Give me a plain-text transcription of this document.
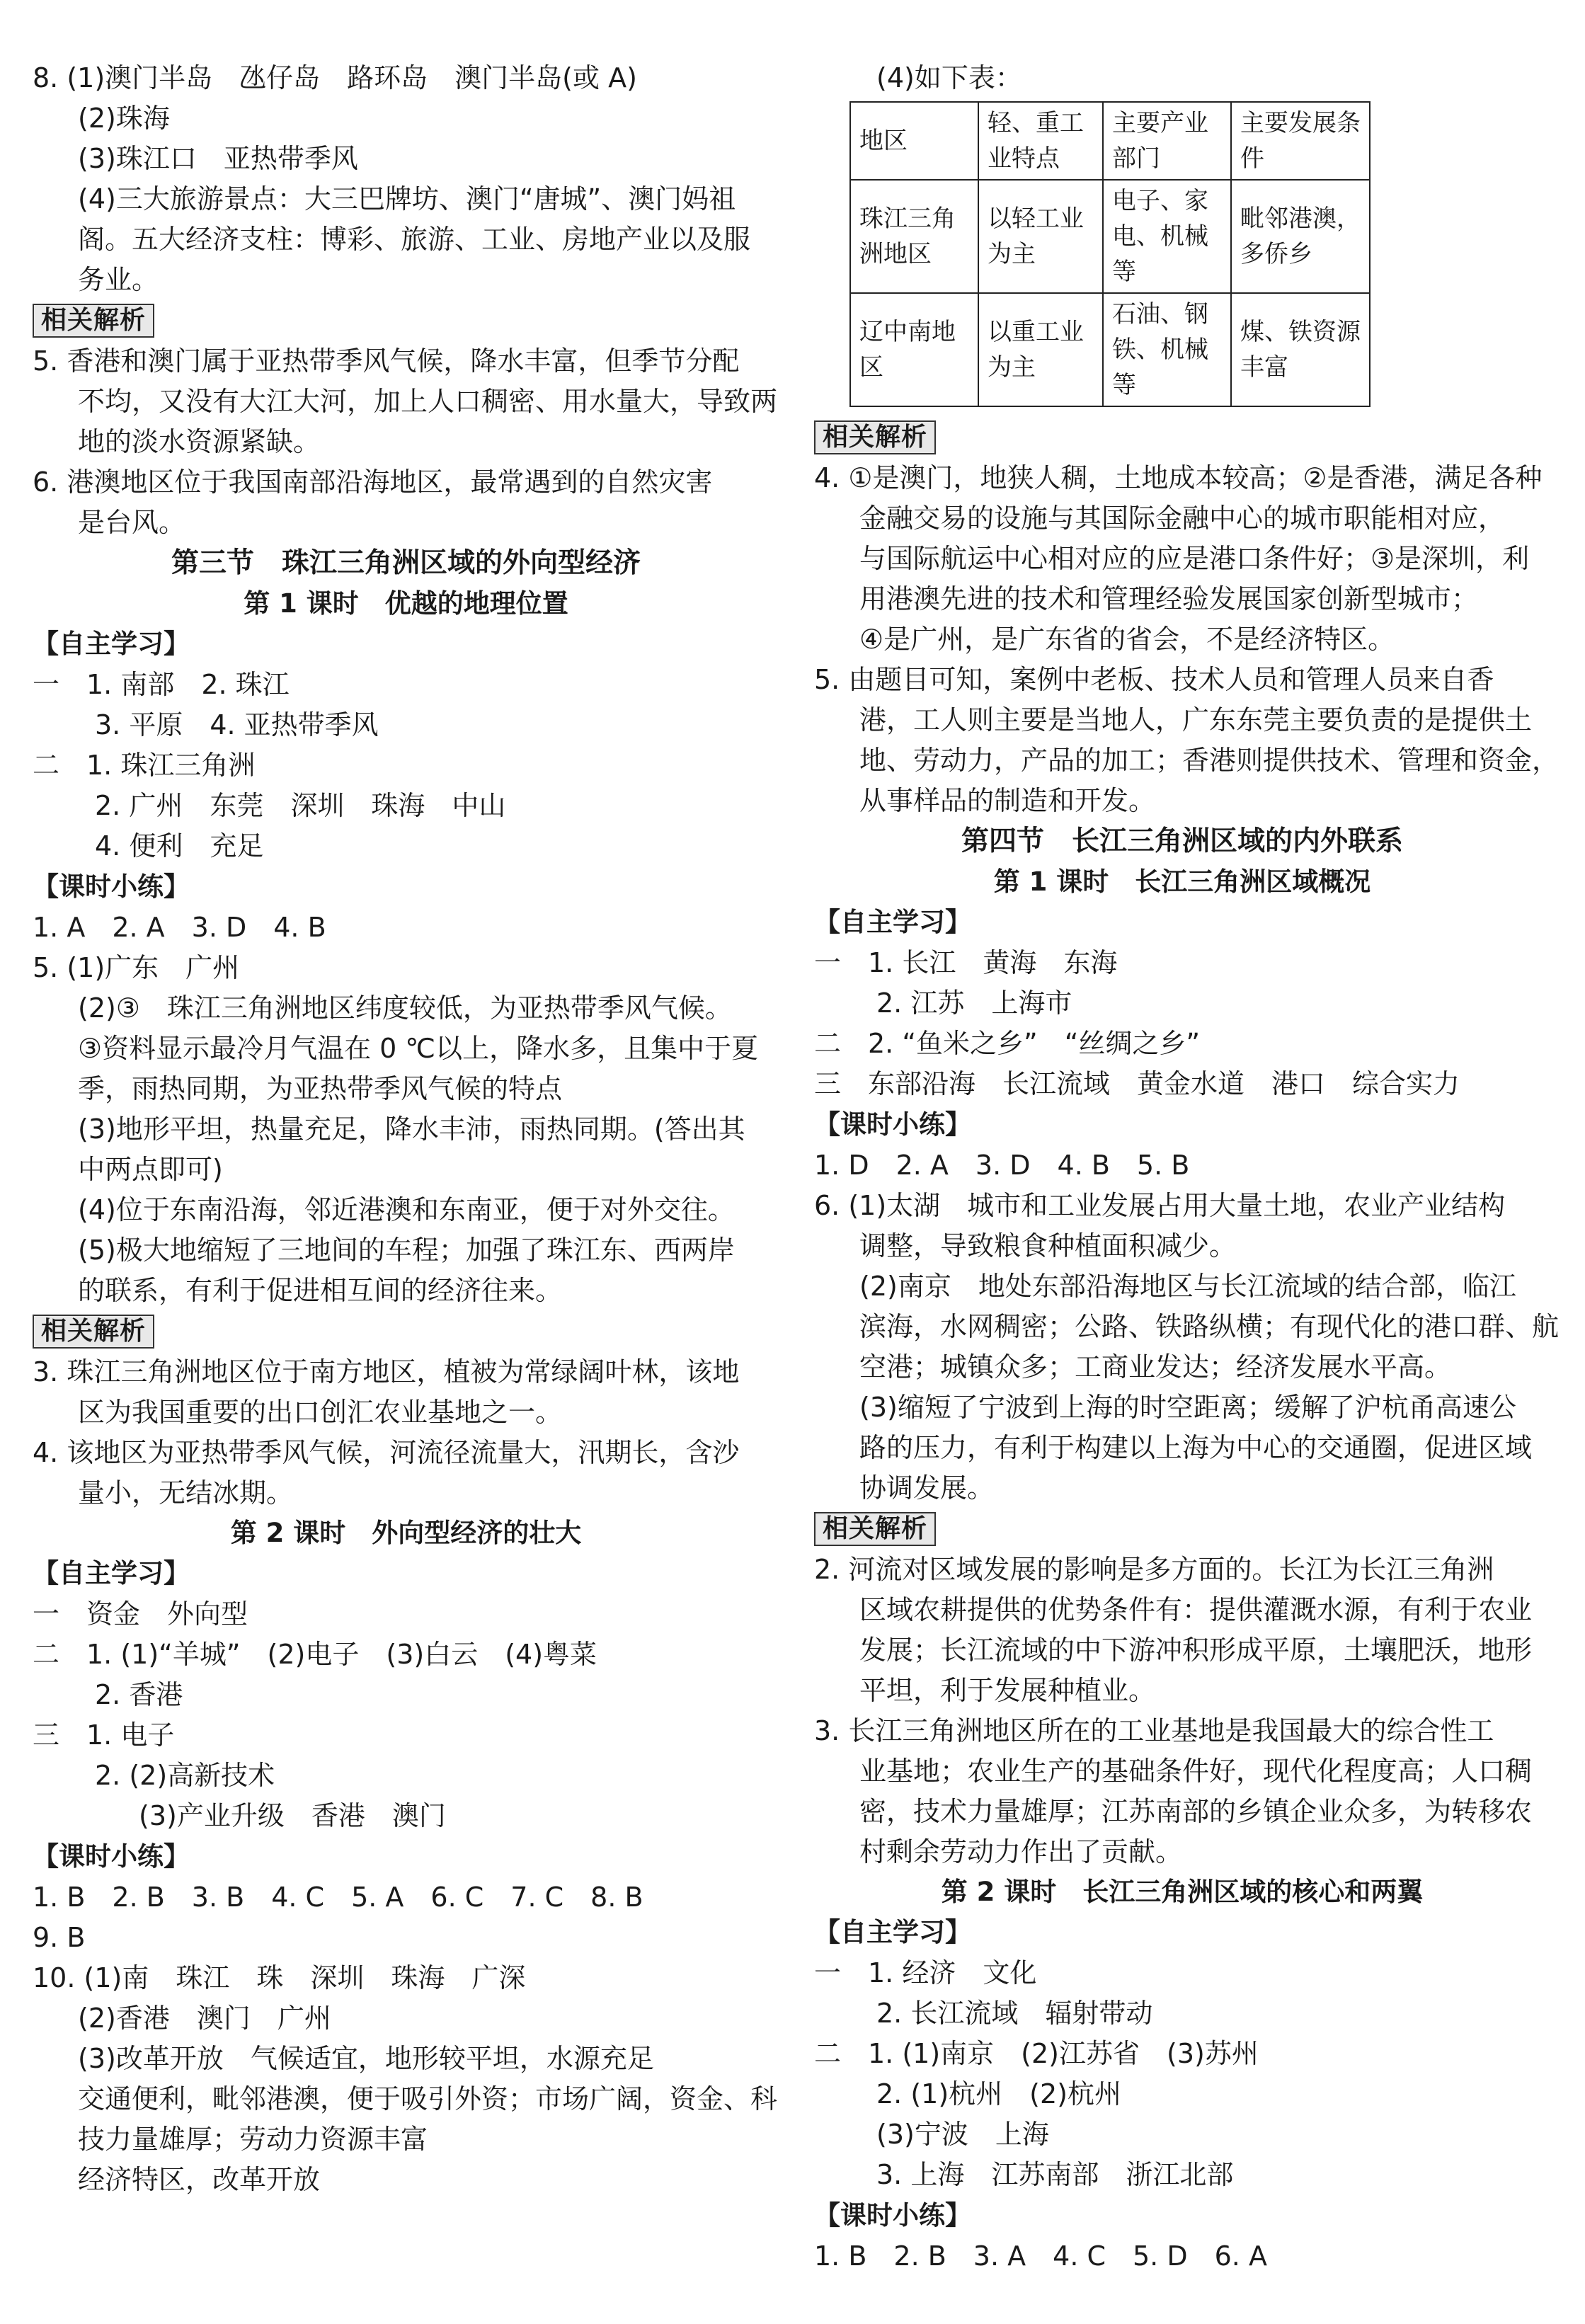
8. (1)澳门半岛　氹仔岛　路环岛　澳门半岛(或 A)
(2)珠海
(3)珠江口　亚热带季风
(4)三大旅游景点：大三巴牌坊、澳门“唐城”、澳门妈祖
阁。五大经济支柱：博彩、旅游、工业、房地产业以及服
务业。
相关解析
5. 香港和澳门属于亚热带季风气候，降水丰富，但季节分配
不均，又没有大江大河，加上人口稠密、用水量大，导致两
地的淡水资源紧缺。
6. 港澳地区位于我国南部沿海地区，最常遇到的自然灾害
是台风。
第三节　珠江三角洲区域的外向型经济
第 1 课时　优越的地理位置
【自主学习】
一　1. 南部　2. 珠江
3. 平原　4. 亚热带季风
二　1. 珠江三角洲
2. 广州　东莞　深圳　珠海　中山
4. 便利　充足
【课时小练】
1. A　2. A　3. D　4. B
5. (1)广东　广州
(2)③　珠江三角洲地区纬度较低，为亚热带季风气候。
③资料显示最冷月气温在 0 ℃以上，降水多，且集中于夏
季，雨热同期，为亚热带季风气候的特点
(3)地形平坦，热量充足，降水丰沛，雨热同期。(答出其
中两点即可)
(4)位于东南沿海，邻近港澳和东南亚，便于对外交往。
(5)极大地缩短了三地间的车程；加强了珠江东、西两岸
的联系，有利于促进相互间的经济往来。
相关解析
3. 珠江三角洲地区位于南方地区，植被为常绿阔叶林，该地
区为我国重要的出口创汇农业基地之一。
4. 该地区为亚热带季风气候，河流径流量大，汛期长，含沙
量小，无结冰期。
第 2 课时　外向型经济的壮大
【自主学习】
一　资金　外向型
二　1. (1)“羊城”　(2)电子　(3)白云　(4)粤菜
2. 香港
三　1. 电子
2. (2)高新技术
(3)产业升级　香港　澳门
【课时小练】
1. B　2. B　3. B　4. C　5. A　6. C　7. C　8. B
9. B
10. (1)南　珠江　珠　深圳　珠海　广深
(2)香港　澳门　广州
(3)改革开放　气候适宜，地形较平坦，水源充足
交通便利，毗邻港澳，便于吸引外资；市场广阔，资金、科
技力量雄厚；劳动力资源丰富
经济特区，改革开放
(4)如下表：
地区	轻、重工业特点	主要产业部门	主要发展条件
珠江三角洲地区	以轻工业为主	电子、家电、机械等	毗邻港澳，多侨乡
辽中南地区	以重工业为主	石油、钢铁、机械等	煤、铁资源丰富
相关解析
4. ①是澳门，地狭人稠，土地成本较高；②是香港，满足各种
金融交易的设施与其国际金融中心的城市职能相对应，
与国际航运中心相对应的应是港口条件好；③是深圳，利
用港澳先进的技术和管理经验发展国家创新型城市；
④是广州，是广东省的省会，不是经济特区。
5. 由题目可知，案例中老板、技术人员和管理人员来自香
港，工人则主要是当地人，广东东莞主要负责的是提供土
地、劳动力，产品的加工；香港则提供技术、管理和资金，
从事样品的制造和开发。
第四节　长江三角洲区域的内外联系
第 1 课时　长江三角洲区域概况
【自主学习】
一　1. 长江　黄海　东海
2. 江苏　上海市
二　2. “鱼米之乡”　“丝绸之乡”
三　东部沿海　长江流域　黄金水道　港口　综合实力
【课时小练】
1. D　2. A　3. D　4. B　5. B
6. (1)太湖　城市和工业发展占用大量土地，农业产业结构
调整，导致粮食种植面积减少。
(2)南京　地处东部沿海地区与长江流域的结合部，临江
滨海，水网稠密；公路、铁路纵横；有现代化的港口群、航
空港；城镇众多；工商业发达；经济发展水平高。
(3)缩短了宁波到上海的时空距离；缓解了沪杭甬高速公
路的压力，有利于构建以上海为中心的交通圈，促进区域
协调发展。
相关解析
2. 河流对区域发展的影响是多方面的。长江为长江三角洲
区域农耕提供的优势条件有：提供灌溉水源，有利于农业
发展；长江流域的中下游冲积形成平原，土壤肥沃，地形
平坦，利于发展种植业。
3. 长江三角洲地区所在的工业基地是我国最大的综合性工
业基地；农业生产的基础条件好，现代化程度高；人口稠
密，技术力量雄厚；江苏南部的乡镇企业众多，为转移农
村剩余劳动力作出了贡献。
第 2 课时　长江三角洲区域的核心和两翼
【自主学习】
一　1. 经济　文化
2. 长江流域　辐射带动
二　1. (1)南京　(2)江苏省　(3)苏州
2. (1)杭州　(2)杭州
(3)宁波　上海
3. 上海　江苏南部　浙江北部
【课时小练】
1. B　2. B　3. A　4. C　5. D　6. A
